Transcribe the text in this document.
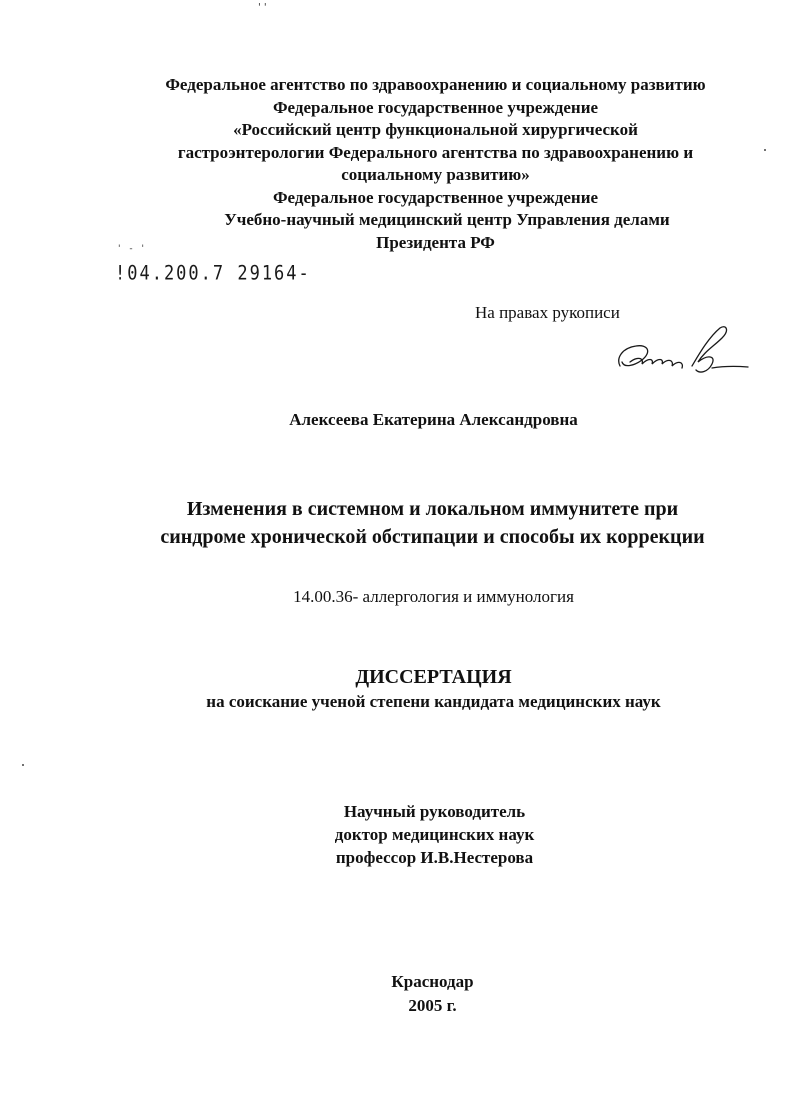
' '
Федеральное агентство по здравоохранению и социальному развитию
Федеральное государственное учреждение
«Российский центр функциональной хирургической
гастроэнтерологии Федерального агентства по здравоохранению и
социальному развитию»
Федеральное государственное учреждение
Учебно-научный медицинский центр Управления делами
Президента РФ
' - '
!04.200.7 29164-
На правах рукописи
Алексеева Екатерина Александровна
Изменения в системном и локальном иммунитете при
синдроме хронической обстипации и способы их коррекции
14.00.36- аллергология и иммунология
ДИССЕРТАЦИЯ
на соискание ученой степени кандидата медицинских наук
Научный руководитель
доктор медицинских наук
профессор И.В.Нестерова
Краснодар
2005 г.
